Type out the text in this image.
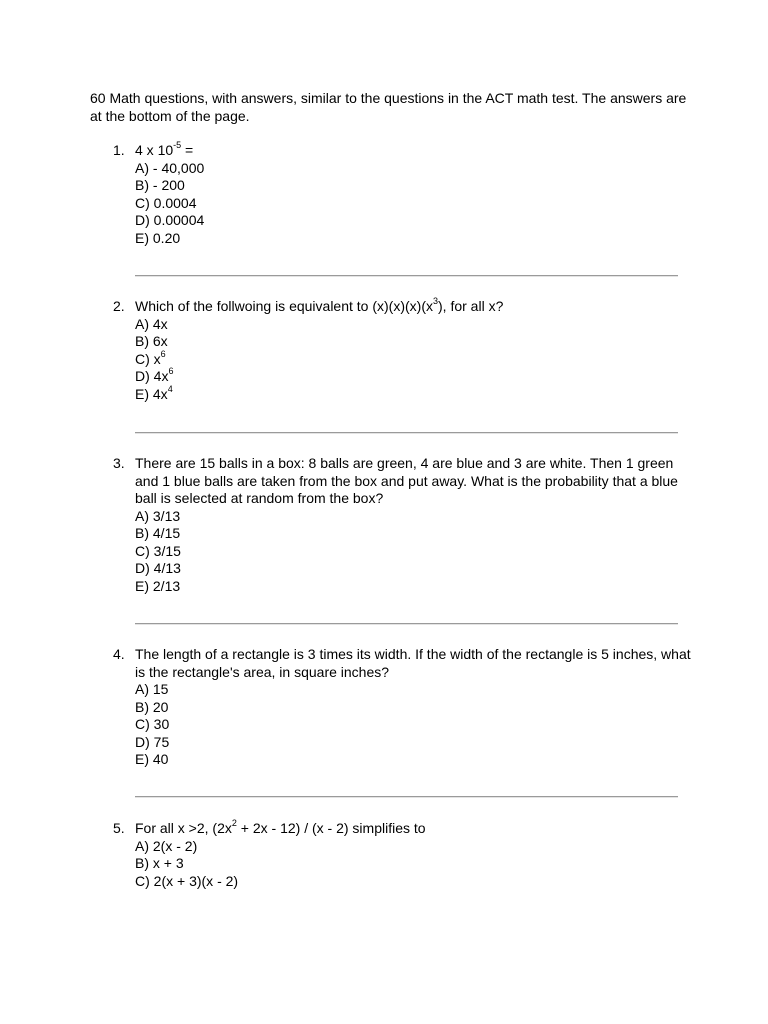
60 Math questions, with answers, similar to the questions in the ACT math test. The answers are at the bottom of the page.
1. 4 x $10^{-5}$ =
A) - 40,000
B) - 200
C) 0.0004
D) 0.00004
E) 0.20
2. Which of the follwoing is equivalent to $(x)(x)(x)(x^3)$, for all x?
A) 4x
B) 6x
C) $x^6$
D) $4x^6$
E) $4x^4$
3. There are 15 balls in a box: 8 balls are green, 4 are blue and 3 are white. Then 1 green and 1 blue balls are taken from the box and put away. What is the probability that a blue ball is selected at random from the box?
A) 3/13
B) 4/15
C) 3/15
D) 4/13
E) 2/13
4. The length of a rectangle is 3 times its width. If the width of the rectangle is 5 inches, what is the rectangle's area, in square inches?
A) 15
B) 20
C) 30
D) 75
E) 40
5. For all x >2, $(2x^2 + 2x - 12) / (x - 2)$ simplifies to
A) 2(x - 2)
B) x + 3
C) 2(x + 3)(x - 2)
